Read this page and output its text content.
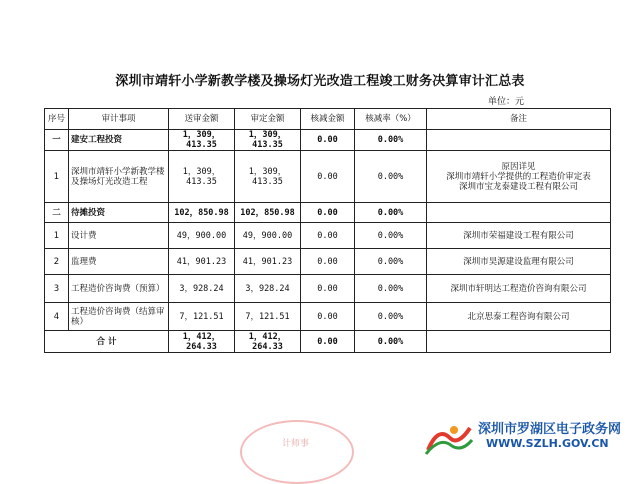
深圳市靖轩小学新教学楼及操场灯光改造工程竣工财务决算审计汇总表
单位：元
序号	审计事项	送审金额	审定金额	核减金额	核减率（%）	备注
一	建安工程投资	1，309，413.35	1，309，413.35	0.00	0.00%	
1	深圳市靖轩小学新教学楼及操场灯光改造工程	1，309，413.35	1，309，413.35	0.00	0.00%	原因详见
深圳市靖轩小学提供的工程造价审定表
深圳市宝龙泰建设工程有限公司
二	待摊投资	102，850.98	102，850.98	0.00	0.00%	
1	设计费	49，900.00	49，900.00	0.00	0.00%	深圳市荣福建设工程有限公司
2	监理费	41，901.23	41，901.23	0.00	0.00%	深圳市昊源建设监理有限公司
3	工程造价咨询费（预算）	3，928.24	3，928.24	0.00	0.00%	深圳市轩明达工程造价咨询有限公司
4	工程造价咨询费（结算审核）	7，121.51	7，121.51	0.00	0.00%	北京思泰工程咨询有限公司
合 计		1，412，264.33	1，412，264.33	0.00	0.00%	
计师事
深圳市罗湖区电子政务网
WWW.SZLH.GOV.CN
